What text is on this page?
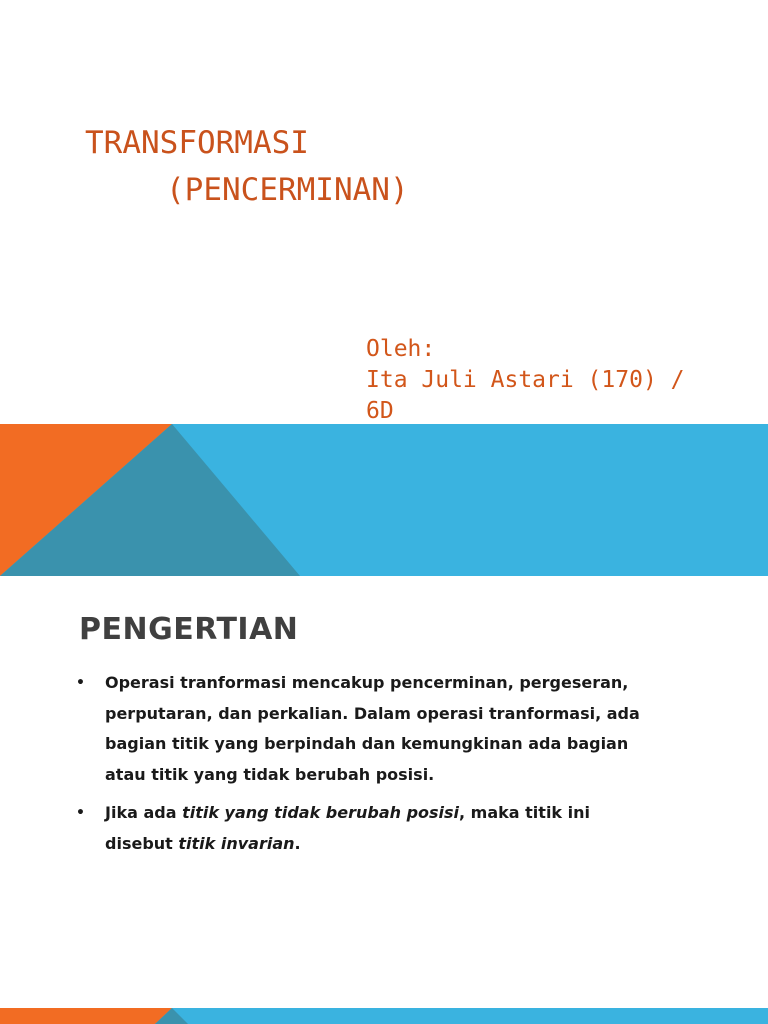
TRANSFORMASI
(PENCERMINAN)
Oleh:
Ita Juli Astari (170) /
6D
PENGERTIAN
• Operasi tranformasi mencakup pencerminan, pergeseran,
perputaran, dan perkalian. Dalam operasi tranformasi, ada
bagian titik yang berpindah dan kemungkinan ada bagian
atau titik yang tidak berubah posisi.

• Jika ada titik yang tidak berubah posisi, maka titik ini
disebut titik invarian.
